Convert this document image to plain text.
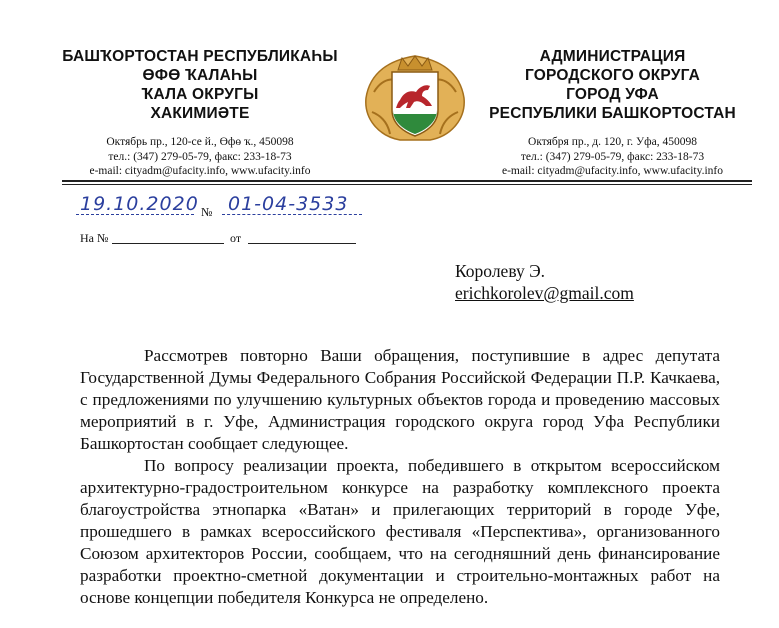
БАШҠОРТОСТАН РЕСПУБЛИКАҺЫ
ӨФӨ ҠАЛАҺЫ
ҠАЛА ОКРУГЫ
ХАКИМИӘТЕ
Октябрь пр., 120-се й., Өфө ҡ., 450098
тел.: (347) 279-05-79, факс: 233-18-73
e-mail: cityadm@ufacity.info, www.ufacity.info
АДМИНИСТРАЦИЯ
ГОРОДСКОГО ОКРУГА
ГОРОД УФА
РЕСПУБЛИКИ БАШКОРТОСТАН
Октября пр., д. 120, г. Уфа, 450098
тел.: (347) 279-05-79, факс: 233-18-73
e-mail: cityadm@ufacity.info, www.ufacity.info
19.10.2020 № 01-04-3533
На №	от
Королеву Э.
erichkorolev@gmail.com

Рассмотрев повторно Ваши обращения, поступившие в адрес депутата Государственной Думы Федерального Собрания Российской Федерации П.Р. Качкаева, с предложениями по улучшению культурных объектов города и проведению массовых мероприятий в г. Уфе, Администрация городского округа город Уфа Республики Башкортостан сообщает следующее.

По вопросу реализации проекта, победившего в открытом всероссийском архитектурно-градостроительном конкурсе на разработку комплексного проекта благоустройства этнопарка «Ватан» и прилегающих территорий в городе Уфе, прошедшего в рамках всероссийского фестиваля «Перспектива», организованного Союзом архитекторов России, сообщаем, что на сегодняшний день финансирование разработки проектно-сметной документации и строительно-монтажных работ на основе концепции победителя Конкурса не определено.
